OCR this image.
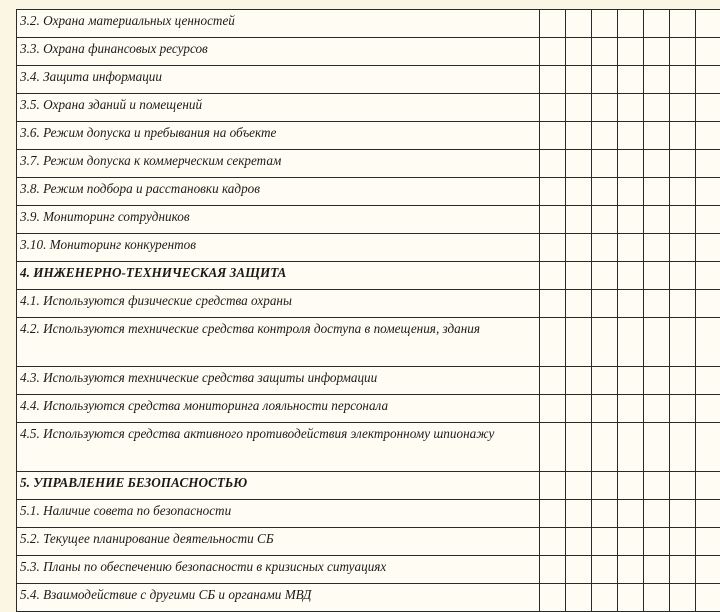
3.2. Охрана материальных ценностей							
3.3. Охрана финансовых ресурсов							
3.4. Защита информации							
3.5. Охрана зданий и помещений							
3.6. Режим допуска и пребывания на объекте							
3.7. Режим допуска к коммерческим секретам							
3.8. Режим подбора и расстановки кадров							
3.9. Мониторинг сотрудников							
3.10. Мониторинг конкурентов							
4. ИНЖЕНЕРНО-ТЕХНИЧЕСКАЯ ЗАЩИТА							
4.1. Используются физические средства охраны							
4.2. Используются технические средства контроля доступа в помещения, здания							
4.3. Используются технические средства защиты информации							
4.4. Используются средства мониторинга лояльности персонала							
4.5. Используются средства активного противодействия электронному шпионажу							
5. УПРАВЛЕНИЕ БЕЗОПАСНОСТЬЮ							
5.1. Наличие совета по безопасности							
5.2. Текущее планирование деятельности СБ							
5.3. Планы по обеспечению безопасности в кризисных ситуациях							
5.4. Взаимодействие с другими СБ и органами МВД							
